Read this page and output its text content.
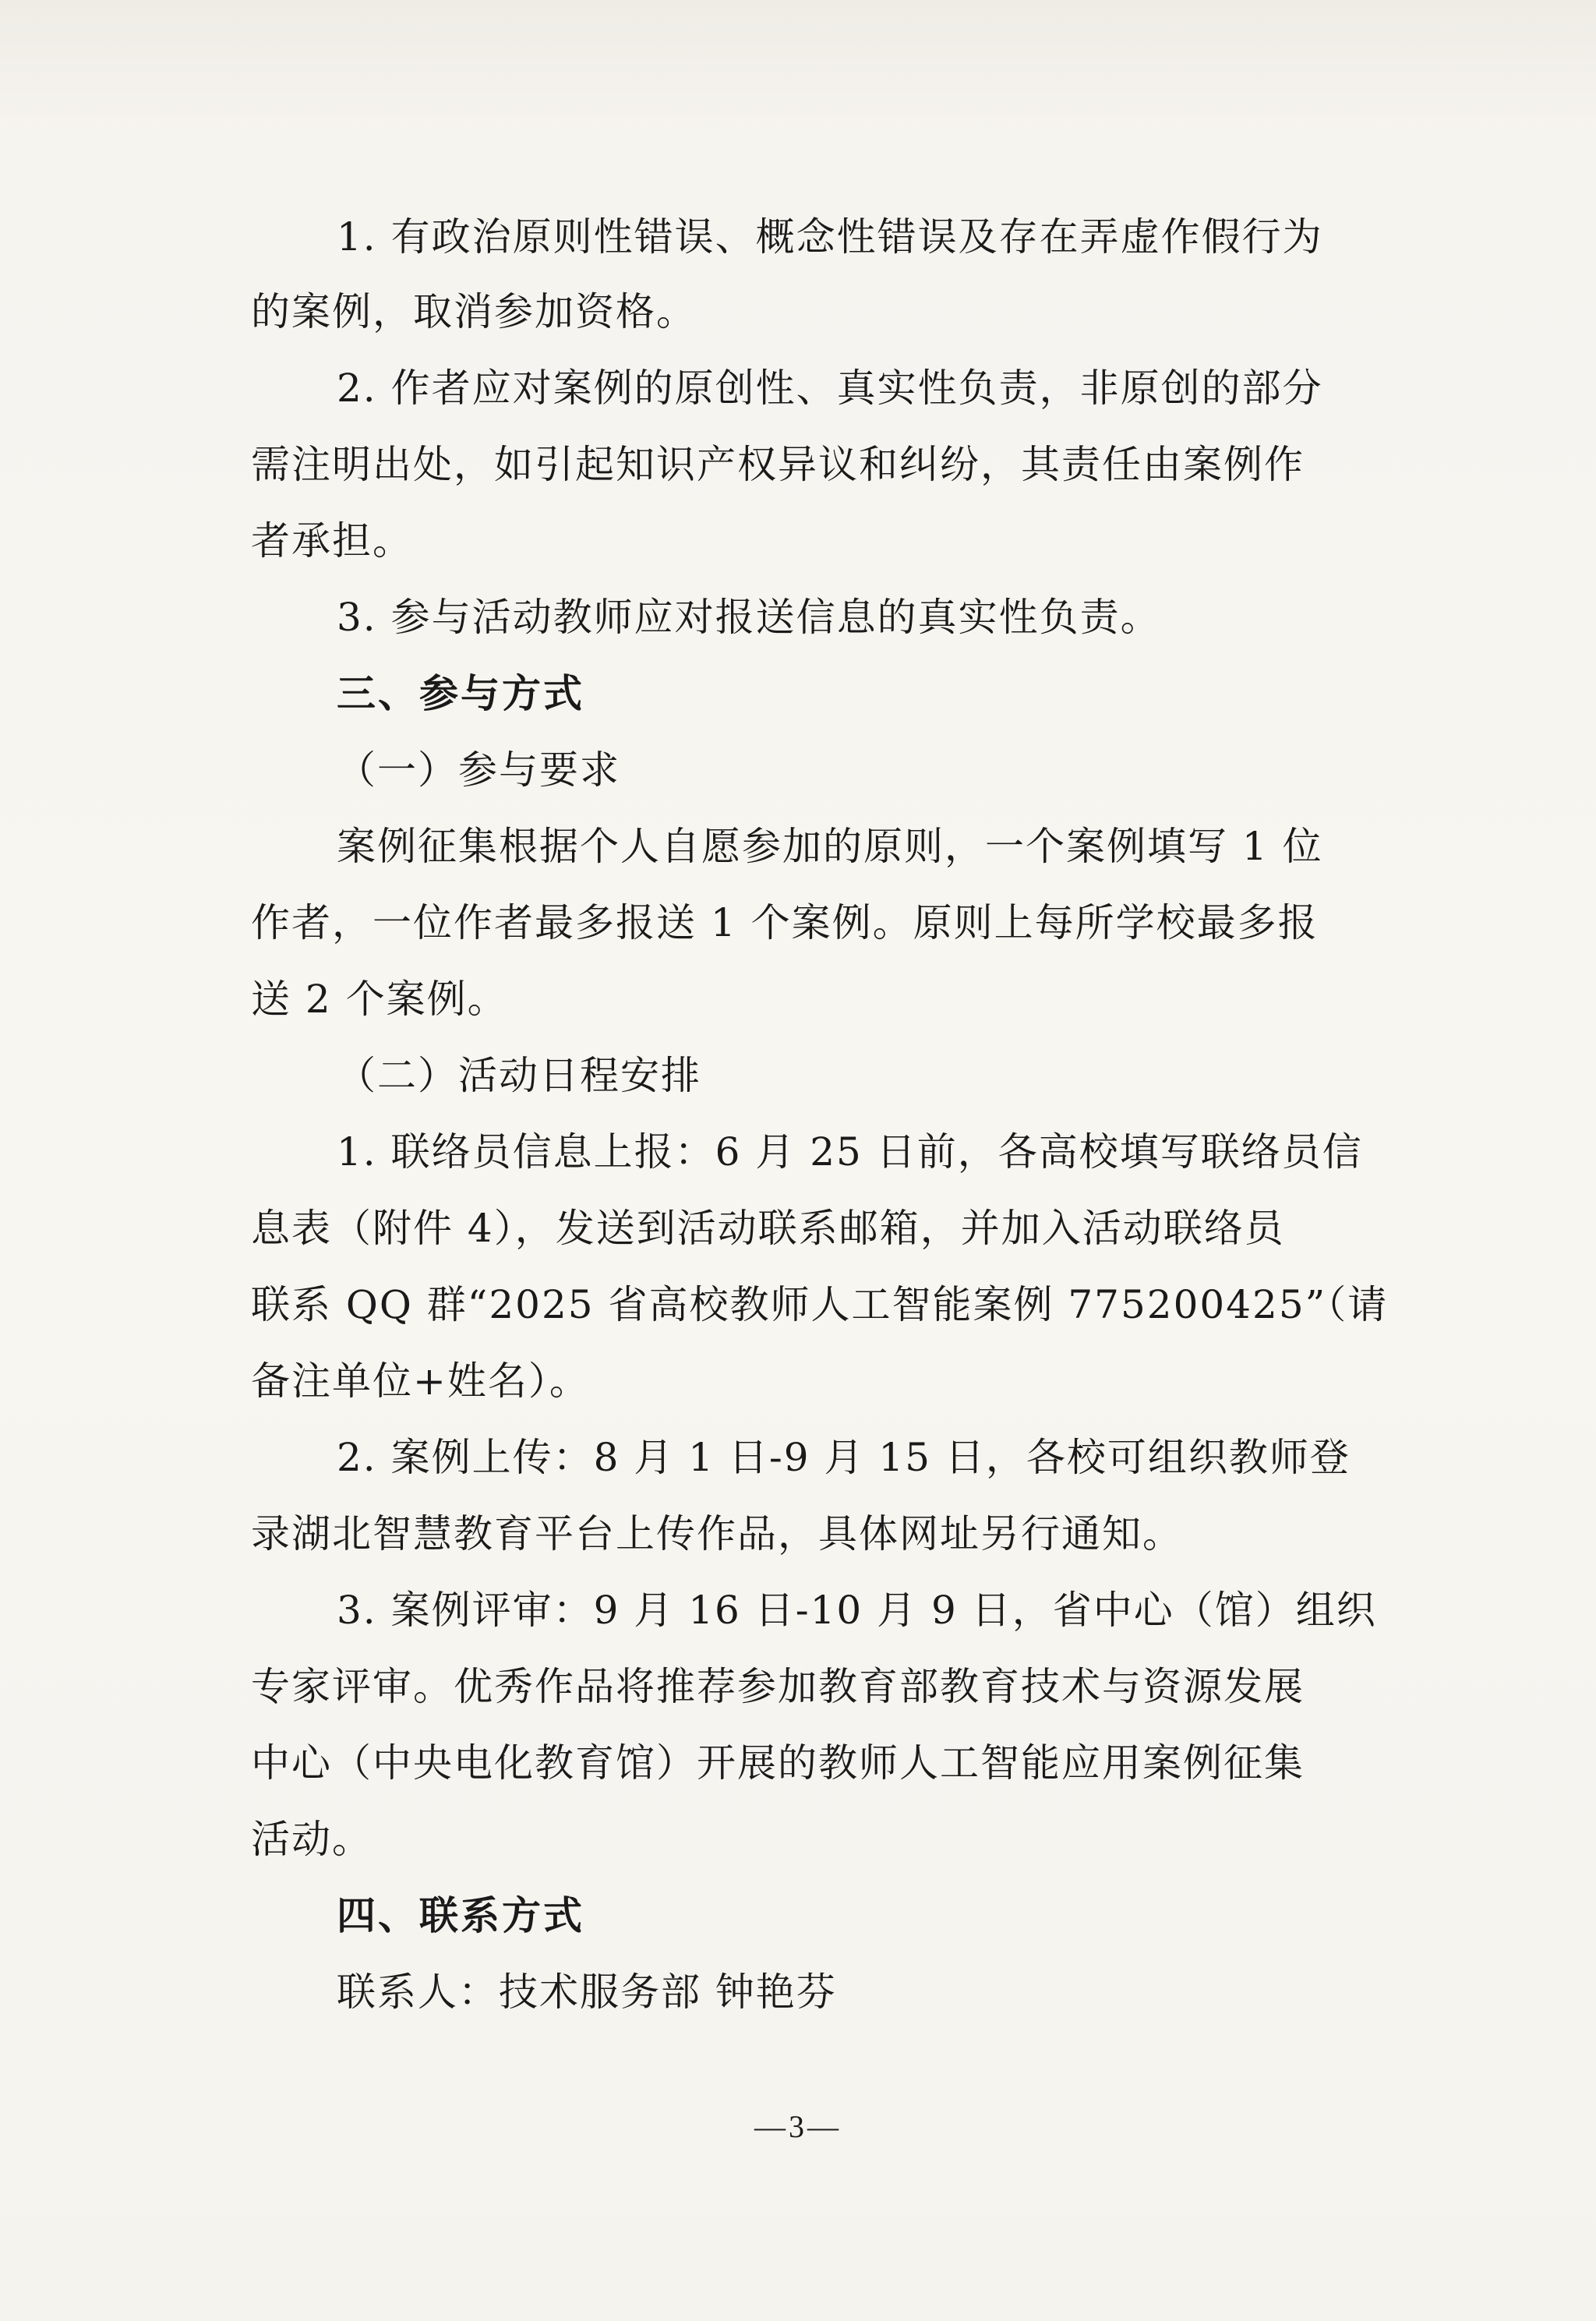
1. 有政治原则性错误、概念性错误及存在弄虚作假行为
的案例，取消参加资格。
2. 作者应对案例的原创性、真实性负责，非原创的部分
需注明出处，如引起知识产权异议和纠纷，其责任由案例作
者承担。
3. 参与活动教师应对报送信息的真实性负责。
三、参与方式
（一）参与要求
案例征集根据个人自愿参加的原则，一个案例填写 1 位
作者，一位作者最多报送 1 个案例。原则上每所学校最多报
送 2 个案例。
（二）活动日程安排
1. 联络员信息上报：6 月 25 日前，各高校填写联络员信
息表（附件 4），发送到活动联系邮箱，并加入活动联络员
联系 QQ 群“2025 省高校教师人工智能案例 775200425”（请
备注单位+姓名）。
2. 案例上传：8 月 1 日-9 月 15 日，各校可组织教师登
录湖北智慧教育平台上传作品，具体网址另行通知。
3. 案例评审：9 月 16 日-10 月 9 日，省中心（馆）组织
专家评审。优秀作品将推荐参加教育部教育技术与资源发展
中心（中央电化教育馆）开展的教师人工智能应用案例征集
活动。
四、联系方式
联系人：技术服务部 钟艳芬
—3—
